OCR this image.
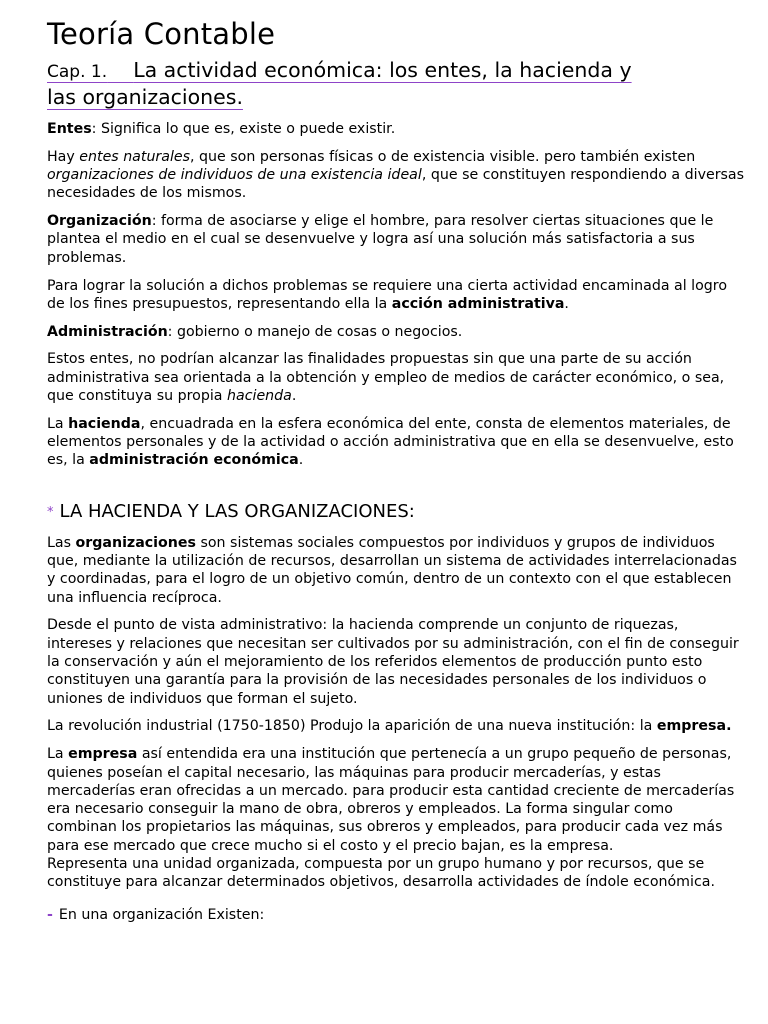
Teoría Contable
Cap. 1. La actividad económica: los entes, la hacienda y
las organizaciones.

Entes: Significa lo que es, existe o puede existir.

Hay entes naturales, que son personas físicas o de existencia visible. pero también existen organizaciones de individuos de una existencia ideal, que se constituyen respondiendo a diversas necesidades de los mismos.

Organización: forma de asociarse y elige el hombre, para resolver ciertas situaciones que le plantea el medio en el cual se desenvuelve y logra así una solución más satisfactoria a sus problemas.

Para lograr la solución a dichos problemas se requiere una cierta actividad encaminada al logro de los fines presupuestos, representando ella la acción administrativa.

Administración: gobierno o manejo de cosas o negocios.

Estos entes, no podrían alcanzar las finalidades propuestas sin que una parte de su acción administrativa sea orientada a la obtención y empleo de medios de carácter económico, o sea, que constituya su propia hacienda.

La hacienda, encuadrada en la esfera económica del ente, consta de elementos materiales, de elementos personales y de la actividad o acción administrativa que en ella se desenvuelve, esto es, la administración económica.

* LA HACIENDA Y LAS ORGANIZACIONES:

Las organizaciones son sistemas sociales compuestos por individuos y grupos de individuos que, mediante la utilización de recursos, desarrollan un sistema de actividades interrelacionadas y coordinadas, para el logro de un objetivo común, dentro de un contexto con el que establecen una influencia recíproca.

Desde el punto de vista administrativo: la hacienda comprende un conjunto de riquezas, intereses y relaciones que necesitan ser cultivados por su administración, con el fin de conseguir la conservación y aún el mejoramiento de los referidos elementos de producción punto esto constituyen una garantía para la provisión de las necesidades personales de los individuos o uniones de individuos que forman el sujeto.

La revolución industrial (1750-1850) Produjo la aparición de una nueva institución: la empresa.

La empresa así entendida era una institución que pertenecía a un grupo pequeño de personas, quienes poseían el capital necesario, las máquinas para producir mercaderías, y estas mercaderías eran ofrecidas a un mercado. para producir esta cantidad creciente de mercaderías era necesario conseguir la mano de obra, obreros y empleados. La forma singular como combinan los propietarios las máquinas, sus obreros y empleados, para producir cada vez más para ese mercado que crece mucho si el costo y el precio bajan, es la empresa.

Representa una unidad organizada, compuesta por un grupo humano y por recursos, que se constituye para alcanzar determinados objetivos, desarrolla actividades de índole económica.

- En una organización Existen:
